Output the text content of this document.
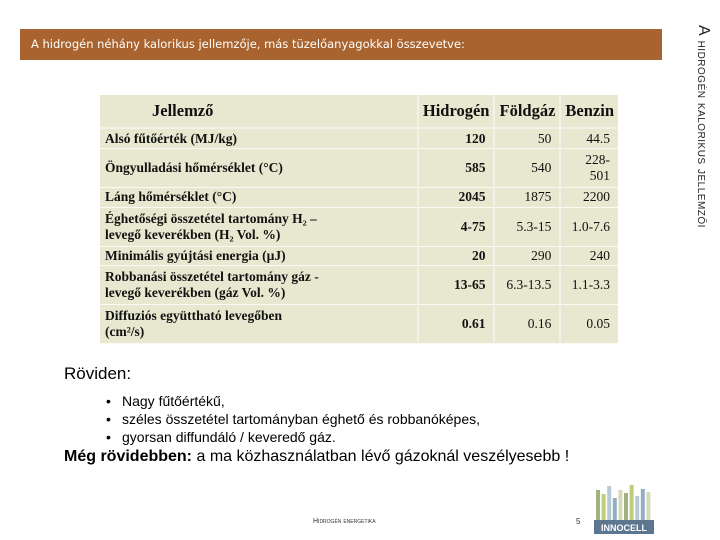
A hidrogén néhány kalorikus jellemzője, más tüzelőanyagokkal összevetve:
A hidrogén kalorikus jellemzői
Jellemző	Hidrogén	Földgáz	Benzin
Alsó fűtőérték (MJ/kg)	120	50	44.5
Öngyulladási hőmérséklet (°C)	585	540	228-501
Láng hőmérséklet (°C)	2045	1875	2200
Éghetőségi összetétel tartomány H₂ –
levegő keverékben (H₂ Vol. %)	4-75	5.3-15	1.0-7.6
Minimális gyújtási energia (µJ)	20	290	240
Robbanási összetétel tartomány gáz -
levegő keverékben (gáz Vol. %)	13-65	6.3-13.5	1.1-3.3
Diffuziós együttható levegőben
(cm²/s)	0.61	0.16	0.05
Röviden:
• Nagy fűtőértékű,
• széles összetétel tartományban éghető és robbanóképes,
• gyorsan diffundáló / keveredő gáz.
Még rövidebben: a ma közhasználatban lévő gázoknál veszélyesebb !
Hidrogén energetika	5
INNOCELL
